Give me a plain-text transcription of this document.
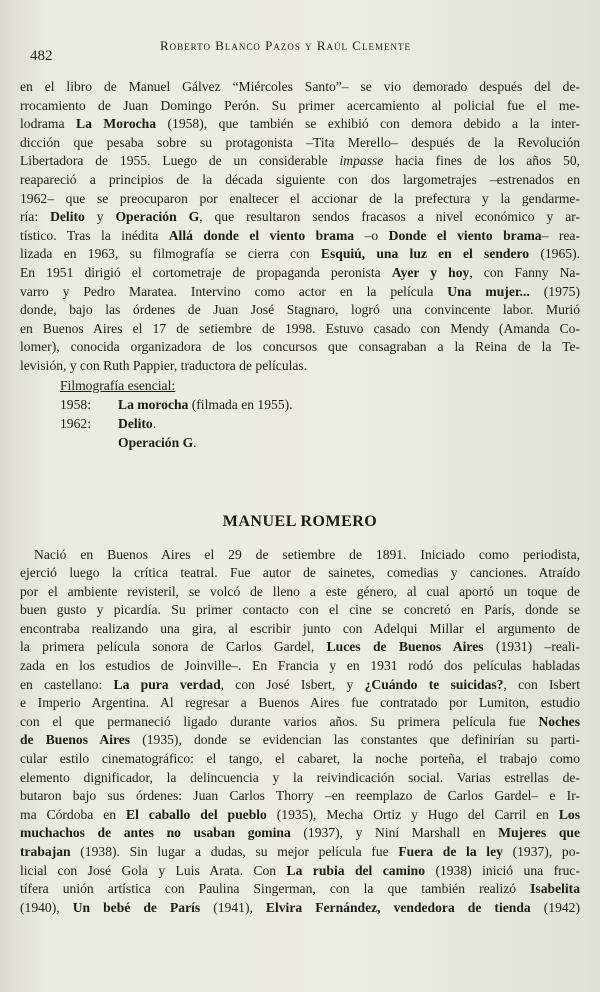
482
Roberto Blanco Pazos y Raúl Clemente
en el libro de Manuel Gálvez “Miércoles Santo”– se vio demorado después del de-
rrocamiento de Juan Domingo Perón. Su primer acercamiento al policial fue el me-
lodrama La Morocha (1958), que también se exhibió con demora debido a la inter-
dicción que pesaba sobre su protagonista –Tita Merello– después de la Revolución
Libertadora de 1955. Luego de un considerable impasse hacia fines de los años 50,
reapareció a principios de la década siguiente con dos largometrajes –estrenados en
1962– que se preocuparon por enaltecer el accionar de la prefectura y la gendarme-
ría: Delito y Operación G, que resultaron sendos fracasos a nivel económico y ar-
tístico. Tras la inédita Allá donde el viento brama –o Donde el viento brama– rea-
lizada en 1963, su filmografía se cierra con Esquiú, una luz en el sendero (1965).
En 1951 dirigió el cortometraje de propaganda peronista Ayer y hoy, con Fanny Na-
varro y Pedro Maratea. Intervino como actor en la película Una mujer... (1975)
donde, bajo las órdenes de Juan José Stagnaro, logró una convincente labor. Murió
en Buenos Aires el 17 de setiembre de 1998. Estuvo casado con Mendy (Amanda Co-
lomer), conocida organizadora de los concursos que consagraban a la Reina de la Te-
levisión, y con Ruth Pappier, traductora de películas.
Filmografía esencial:
1958: La morocha (filmada en 1955).
1962: Delito.
Operación G.
MANUEL ROMERO
Nació en Buenos Aires el 29 de setiembre de 1891. Iniciado como periodista,
ejerció luego la crítica teatral. Fue autor de sainetes, comedias y canciones. Atraído
por el ambiente revisteril, se volcó de lleno a este género, al cual aportó un toque de
buen gusto y picardía. Su primer contacto con el cine se concretó en París, donde se
encontraba realizando una gira, al escribir junto con Adelqui Millar el argumento de
la primera película sonora de Carlos Gardel, Luces de Buenos Aires (1931) –reali-
zada en los estudios de Joinville–. En Francia y en 1931 rodó dos películas habladas
en castellano: La pura verdad, con José Isbert, y ¿Cuándo te suicidas?, con Isbert
e Imperio Argentina. Al regresar a Buenos Aires fue contratado por Lumiton, estudio
con el que permaneció ligado durante varios años. Su primera película fue Noches
de Buenos Aires (1935), donde se evidencian las constantes que definirían su parti-
cular estilo cinematográfico: el tango, el cabaret, la noche porteña, el trabajo como
elemento dignificador, la delincuencia y la reivindicación social. Varias estrellas de-
butaron bajo sus órdenes: Juan Carlos Thorry –en reemplazo de Carlos Gardel– e Ir-
ma Córdoba en El caballo del pueblo (1935), Mecha Ortiz y Hugo del Carril en Los
muchachos de antes no usaban gomina (1937), y Niní Marshall en Mujeres que
trabajan (1938). Sin lugar a dudas, su mejor película fue Fuera de la ley (1937), po-
licial con José Gola y Luis Arata. Con La rubia del camino (1938) inició una fruc-
tífera unión artística con Paulina Singerman, con la que también realizó Isabelita
(1940), Un bebé de París (1941), Elvira Fernández, vendedora de tienda (1942)
